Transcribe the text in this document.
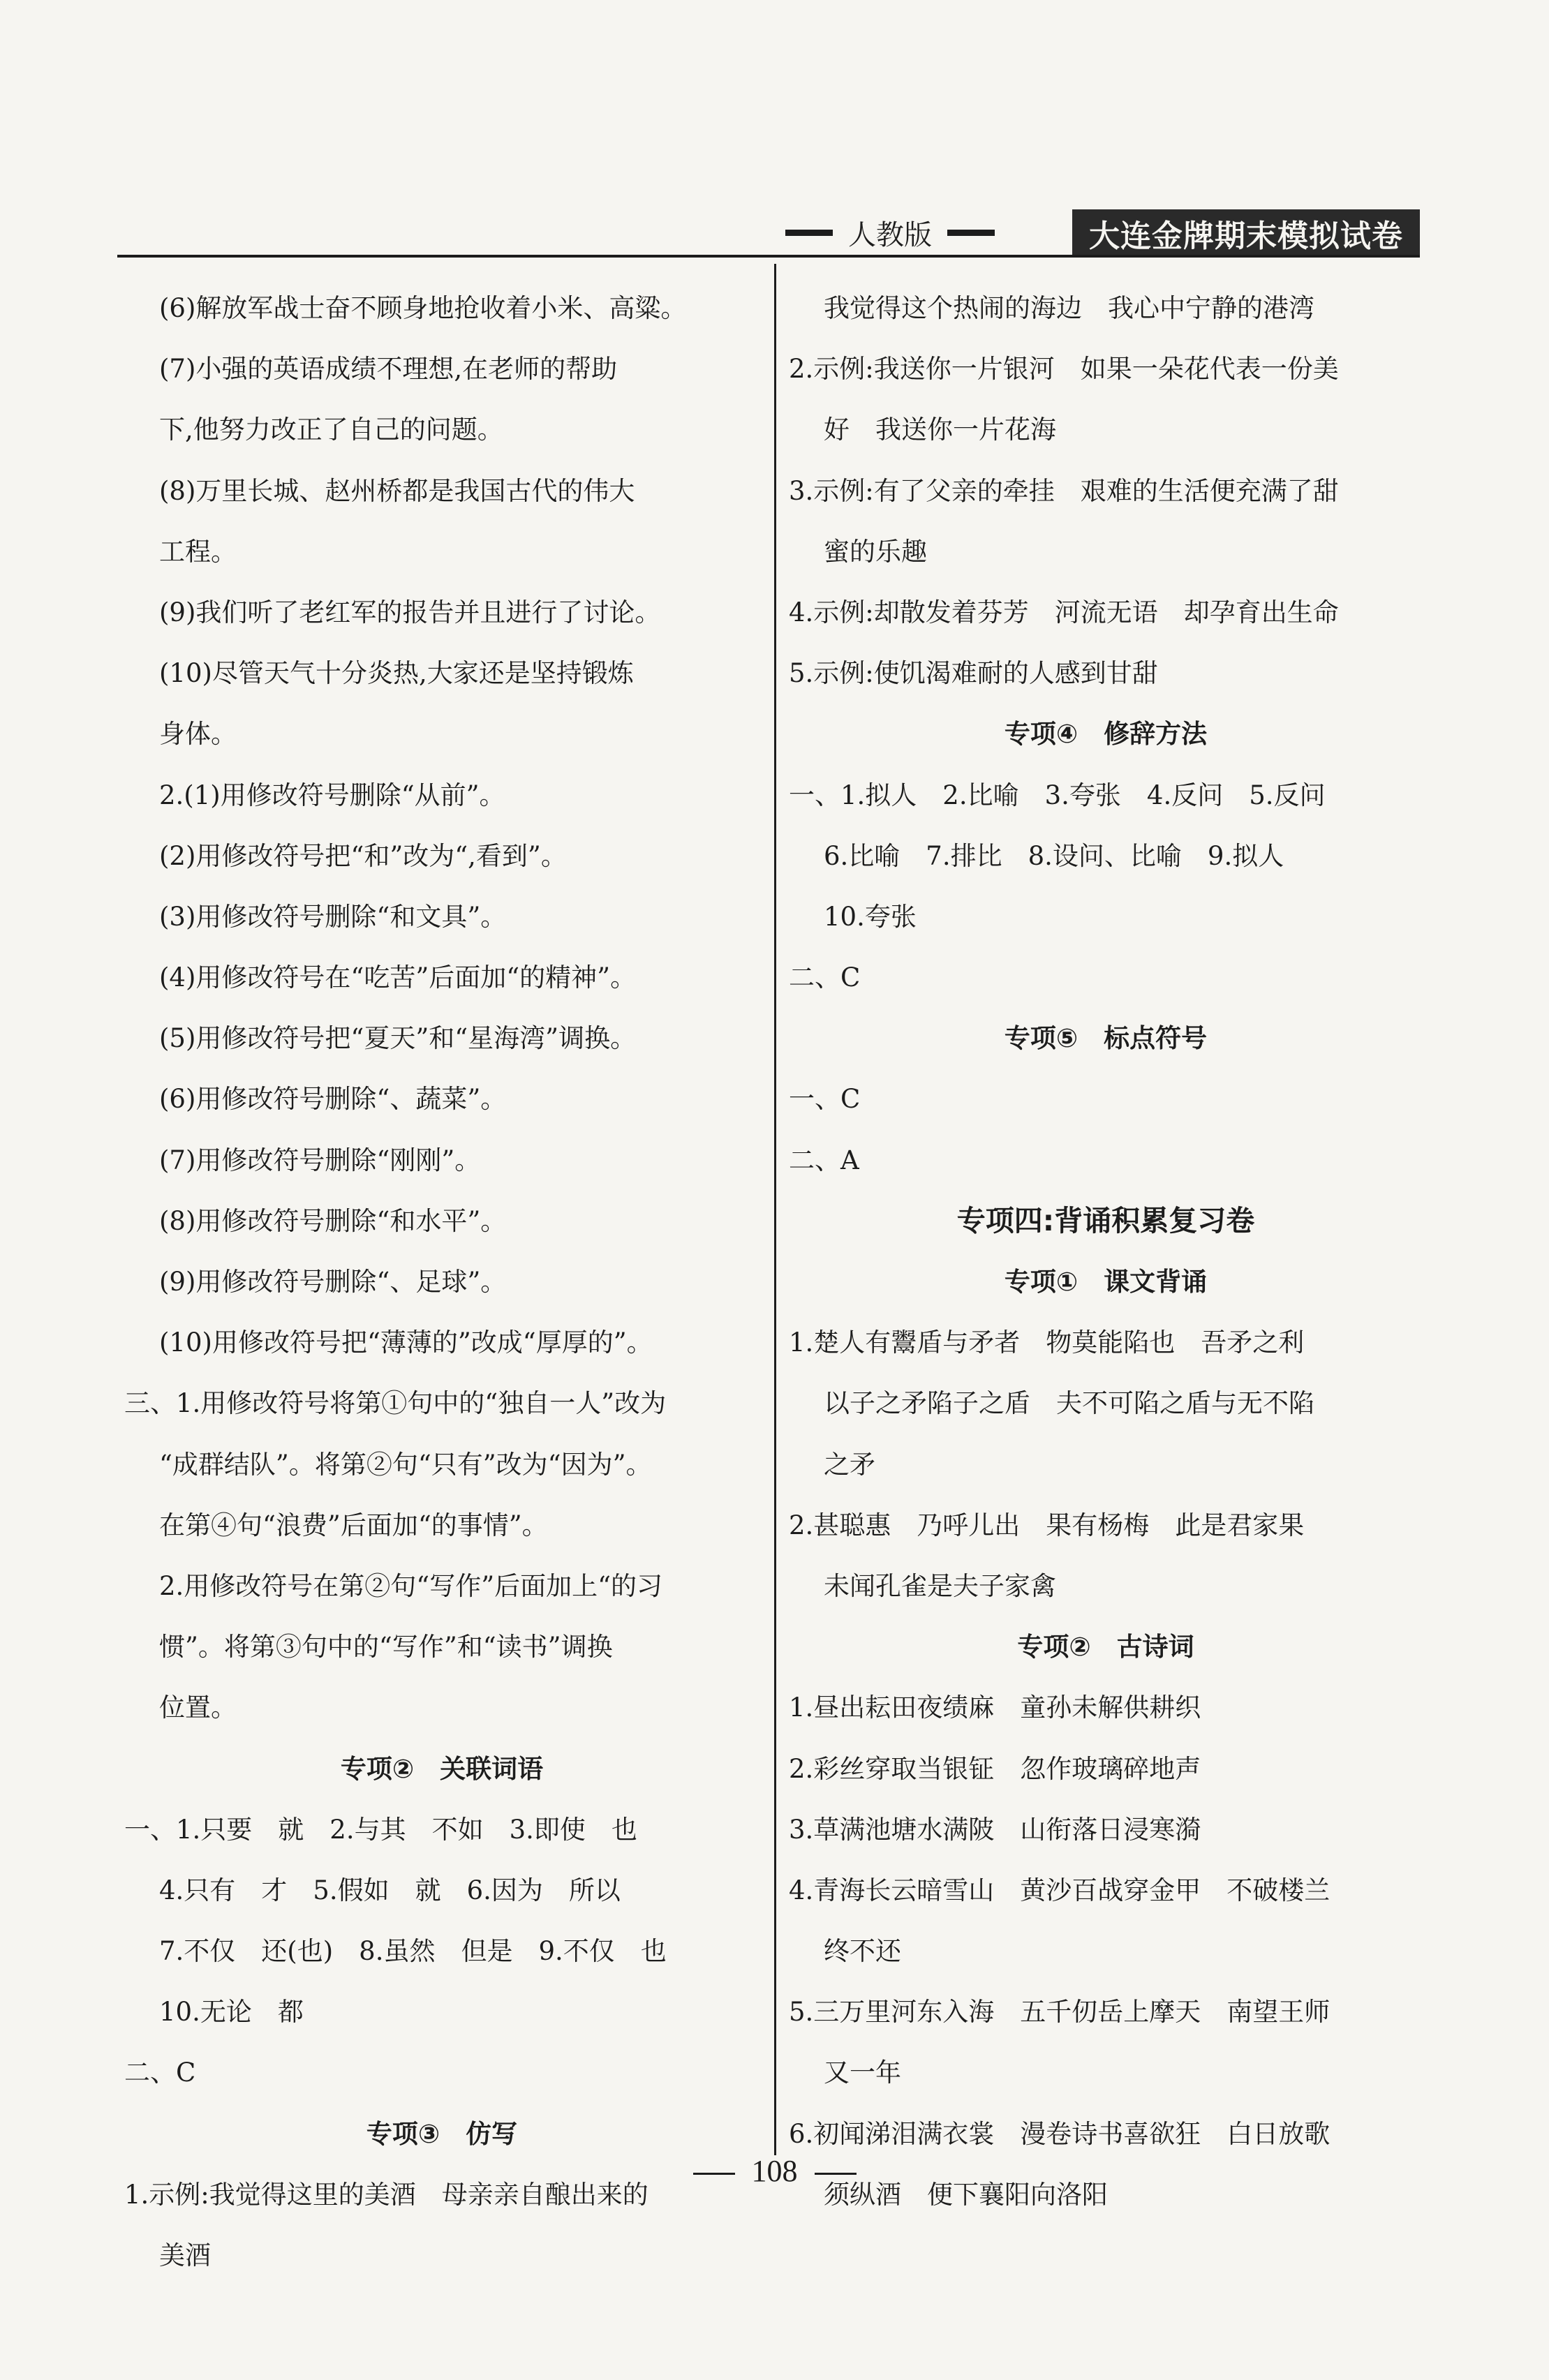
人教版	大连金牌期末模拟试卷
(6)解放军战士奋不顾身地抢收着小米、高粱。
(7)小强的英语成绩不理想,在老师的帮助
下,他努力改正了自己的问题。
(8)万里长城、赵州桥都是我国古代的伟大
工程。
(9)我们听了老红军的报告并且进行了讨论。
(10)尽管天气十分炎热,大家还是坚持锻炼
身体。
2.(1)用修改符号删除“从前”。
(2)用修改符号把“和”改为“,看到”。
(3)用修改符号删除“和文具”。
(4)用修改符号在“吃苦”后面加“的精神”。
(5)用修改符号把“夏天”和“星海湾”调换。
(6)用修改符号删除“、蔬菜”。
(7)用修改符号删除“刚刚”。
(8)用修改符号删除“和水平”。
(9)用修改符号删除“、足球”。
(10)用修改符号把“薄薄的”改成“厚厚的”。
三、1.用修改符号将第①句中的“独自一人”改为
“成群结队”。将第②句“只有”改为“因为”。
在第④句“浪费”后面加“的事情”。
2.用修改符号在第②句“写作”后面加上“的习
惯”。将第③句中的“写作”和“读书”调换
位置。
专项②　关联词语
一、1.只要　就　2.与其　不如　3.即使　也
4.只有　才　5.假如　就　6.因为　所以
7.不仅　还(也)　8.虽然　但是　9.不仅　也
10.无论　都
二、C
专项③　仿写
1.示例:我觉得这里的美酒　母亲亲自酿出来的
美酒
我觉得这个热闹的海边　我心中宁静的港湾
2.示例:我送你一片银河　如果一朵花代表一份美
好　我送你一片花海
3.示例:有了父亲的牵挂　艰难的生活便充满了甜
蜜的乐趣
4.示例:却散发着芬芳　河流无语　却孕育出生命
5.示例:使饥渴难耐的人感到甘甜
专项④　修辞方法
一、1.拟人　2.比喻　3.夸张　4.反问　5.反问
6.比喻　7.排比　8.设问、比喻　9.拟人
10.夸张
二、C
专项⑤　标点符号
一、C
二、A
专项四:背诵积累复习卷
专项①　课文背诵
1.楚人有鬻盾与矛者　物莫能陷也　吾矛之利
以子之矛陷子之盾　夫不可陷之盾与无不陷
之矛
2.甚聪惠　乃呼儿出　果有杨梅　此是君家果
未闻孔雀是夫子家禽
专项②　古诗词
1.昼出耘田夜绩麻　童孙未解供耕织
2.彩丝穿取当银钲　忽作玻璃碎地声
3.草满池塘水满陂　山衔落日浸寒漪
4.青海长云暗雪山　黄沙百战穿金甲　不破楼兰
终不还
5.三万里河东入海　五千仞岳上摩天　南望王师
又一年
6.初闻涕泪满衣裳　漫卷诗书喜欲狂　白日放歌
须纵酒　便下襄阳向洛阳
108
